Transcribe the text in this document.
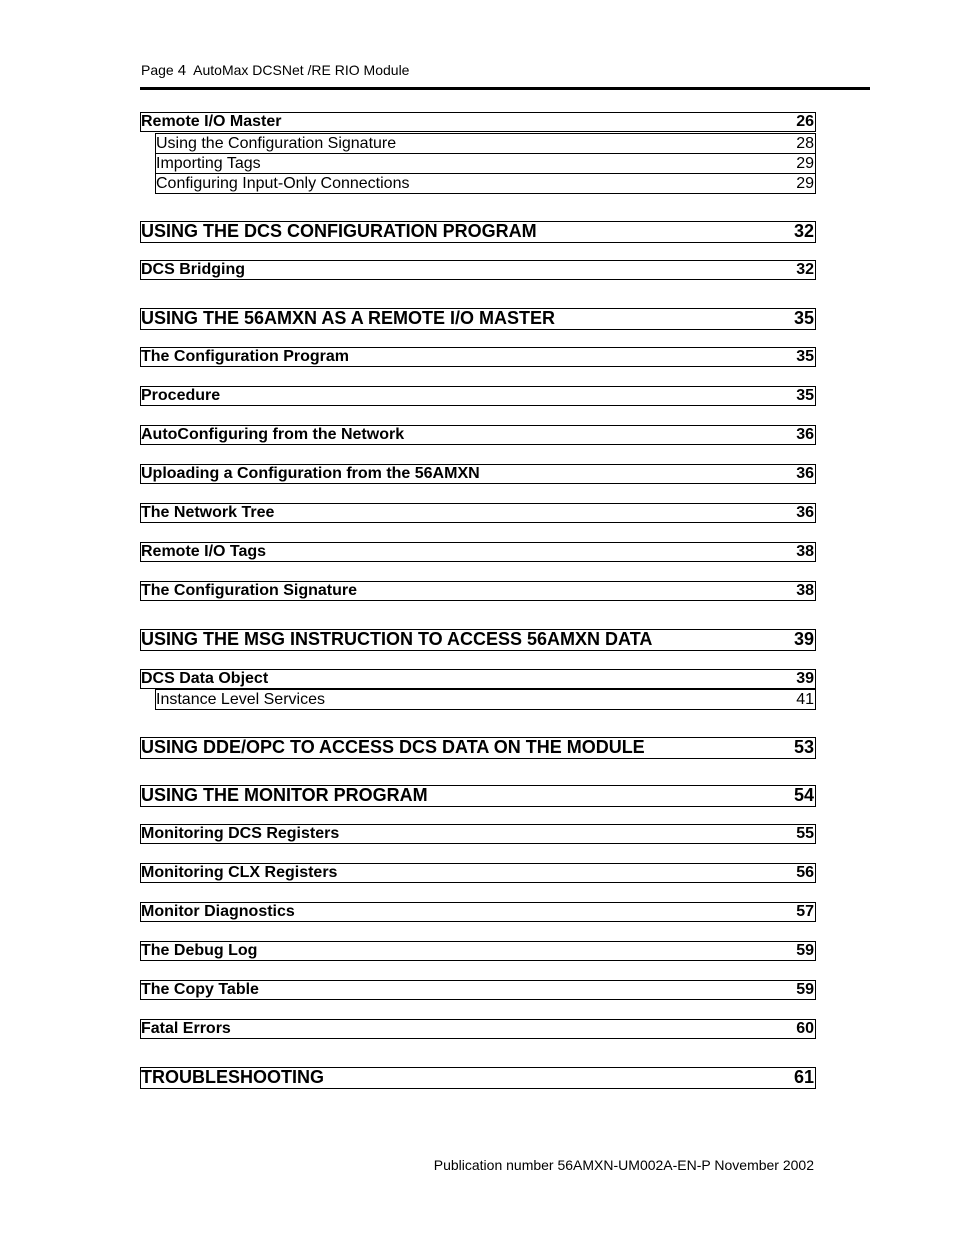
Page 4 AutoMax DCSNet /RE RIO Module
Remote I/O Master	26
Using the Configuration Signature	28
Importing Tags	29
Configuring Input-Only Connections	29
USING THE DCS CONFIGURATION PROGRAM	32
DCS Bridging	32
USING THE 56AMXN AS A REMOTE I/O MASTER	35
The Configuration Program	35
Procedure	35
AutoConfiguring from the Network	36
Uploading a Configuration from the 56AMXN	36
The Network Tree	36
Remote I/O Tags	38
The Configuration Signature	38
USING THE MSG INSTRUCTION TO ACCESS 56AMXN DATA	39
DCS Data Object	39
Instance Level Services	41
USING DDE/OPC TO ACCESS DCS DATA ON THE MODULE	53
USING THE MONITOR PROGRAM	54
Monitoring DCS Registers	55
Monitoring CLX Registers	56
Monitor Diagnostics	57
The Debug Log	59
The Copy Table	59
Fatal Errors	60
TROUBLESHOOTING	61
Publication number 56AMXN-UM002A-EN-P November 2002
